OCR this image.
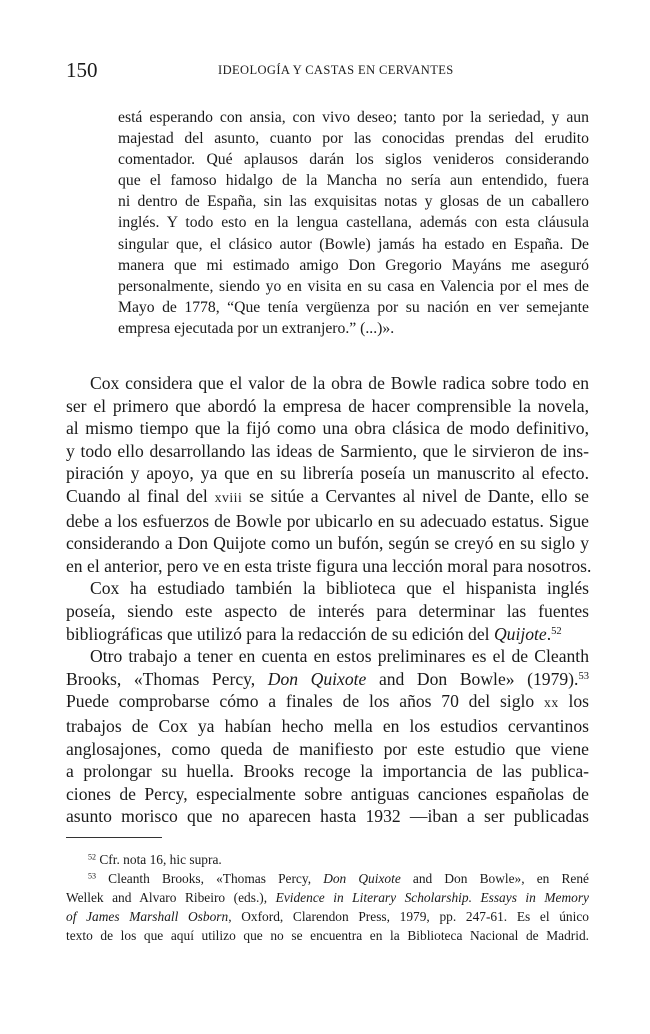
150	IDEOLOGÍA Y CASTAS EN CERVANTES
está esperando con ansia, con vivo deseo; tanto por la seriedad, y aun
majestad del asunto, cuanto por las conocidas prendas del erudito
comentador. Qué aplausos darán los siglos venideros considerando
que el famoso hidalgo de la Mancha no sería aun entendido, fuera
ni dentro de España, sin las exquisitas notas y glosas de un caballero
inglés. Y todo esto en la lengua castellana, además con esta cláusula
singular que, el clásico autor (Bowle) jamás ha estado en España. De
manera que mi estimado amigo Don Gregorio Mayáns me aseguró
personalmente, siendo yo en visita en su casa en Valencia por el mes de
Mayo de 1778, “Que tenía vergüenza por su nación en ver semejante
empresa ejecutada por un extranjero.” (...)».
Cox considera que el valor de la obra de Bowle radica sobre todo en
ser el primero que abordó la empresa de hacer comprensible la novela,
al mismo tiempo que la fijó como una obra clásica de modo definitivo,
y todo ello desarrollando las ideas de Sarmiento, que le sirvieron de ins-
piración y apoyo, ya que en su librería poseía un manuscrito al efecto.
Cuando al final del xviii se sitúe a Cervantes al nivel de Dante, ello se
debe a los esfuerzos de Bowle por ubicarlo en su adecuado estatus. Sigue
considerando a Don Quijote como un bufón, según se creyó en su siglo y
en el anterior, pero ve en esta triste figura una lección moral para nosotros.
Cox ha estudiado también la biblioteca que el hispanista inglés
poseía, siendo este aspecto de interés para determinar las fuentes
bibliográficas que utilizó para la redacción de su edición del Quijote.$^{52}$
Otro trabajo a tener en cuenta en estos preliminares es el de Cleanth
Brooks, «Thomas Percy, Don Quixote and Don Bowle» (1979).$^{53}$
Puede comprobarse cómo a finales de los años 70 del siglo xx los
trabajos de Cox ya habían hecho mella en los estudios cervantinos
anglosajones, como queda de manifiesto por este estudio que viene
a prolongar su huella. Brooks recoge la importancia de las publica-
ciones de Percy, especialmente sobre antiguas canciones españolas de
asunto morisco que no aparecen hasta 1932 —iban a ser publicadas
$^{52}$ Cfr. nota 16, hic supra.
$^{53}$ Cleanth Brooks, «Thomas Percy, Don Quixote and Don Bowle», en René
Wellek and Alvaro Ribeiro (eds.), Evidence in Literary Scholarship. Essays in Memory
of James Marshall Osborn, Oxford, Clarendon Press, 1979, pp. 247-61. Es el único
texto de los que aquí utilizo que no se encuentra en la Biblioteca Nacional de Madrid.
